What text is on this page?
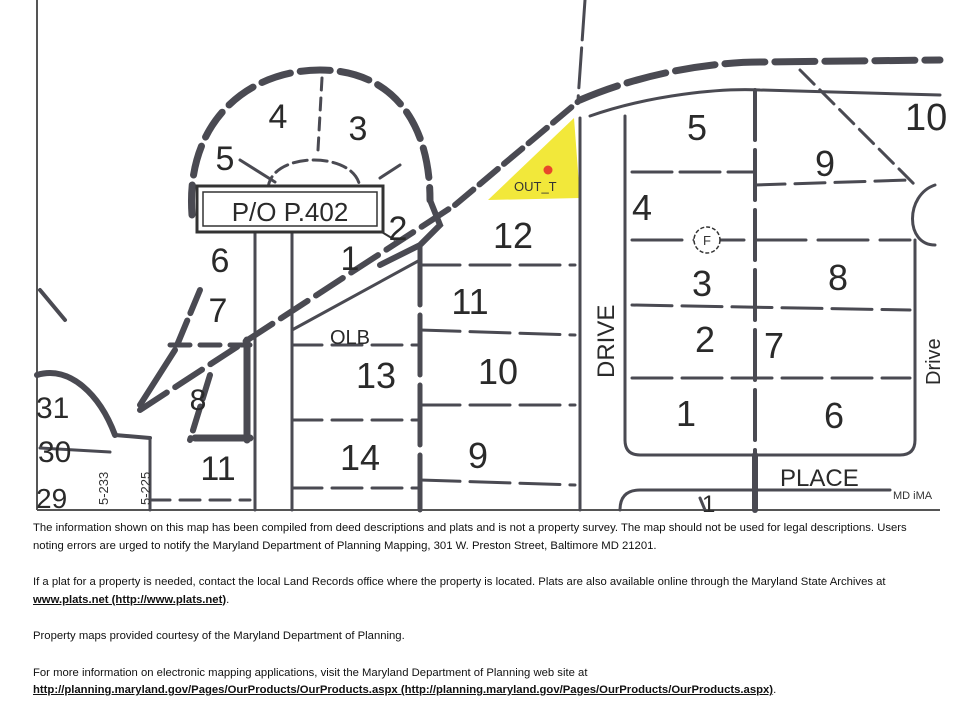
P/O P.402
OUT_T
F
DRIVE
PLACE
Drive
OLB
5-233 5-225	MD iMA
4 3
5
2
1
6
7
8
11
12
11
13 10
14 9
5
9
10
4
3	8
2 7
1	6
31
30
29	1

The information shown on this map has been compiled from deed descriptions and plats and is not a property survey. The map should not be used for legal descriptions. Users noting errors are urged to notify the Maryland Department of Planning Mapping, 301 W. Preston Street, Baltimore MD 21201.

If a plat for a property is needed, contact the local Land Records office where the property is located. Plats are also available online through the Maryland State Archives at www.plats.net (http://www.plats.net).

Property maps provided courtesy of the Maryland Department of Planning.

For more information on electronic mapping applications, visit the Maryland Department of Planning web site at http://planning.maryland.gov/Pages/OurProducts/OurProducts.aspx (http://planning.maryland.gov/Pages/OurProducts/OurProducts.aspx).
